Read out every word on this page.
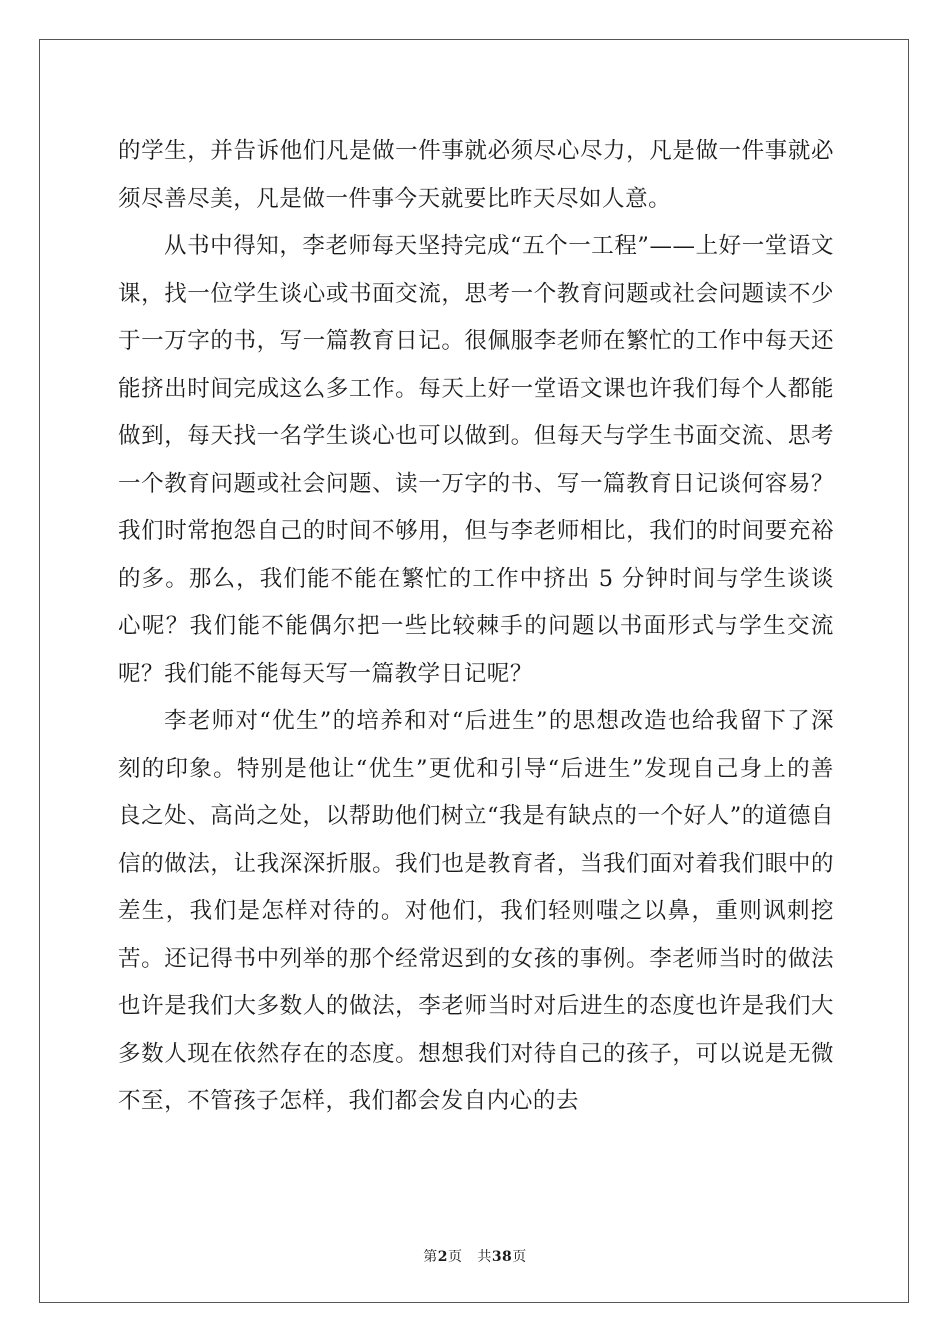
的学生，并告诉他们凡是做一件事就必须尽心尽力，凡是做一件事就必须尽善尽美，凡是做一件事今天就要比昨天尽如人意。

从书中得知，李老师每天坚持完成“五个一工程”——上好一堂语文课，找一位学生谈心或书面交流，思考一个教育问题或社会问题读不少于一万字的书，写一篇教育日记。很佩服李老师在繁忙的工作中每天还能挤出时间完成这么多工作。每天上好一堂语文课也许我们每个人都能做到，每天找一名学生谈心也可以做到。但每天与学生书面交流、思考一个教育问题或社会问题、读一万字的书、写一篇教育日记谈何容易？我们时常抱怨自己的时间不够用，但与李老师相比，我们的时间要充裕的多。那么，我们能不能在繁忙的工作中挤出 5 分钟时间与学生谈谈心呢？我们能不能偶尔把一些比较棘手的问题以书面形式与学生交流呢？我们能不能每天写一篇教学日记呢？

李老师对“优生”的培养和对“后进生”的思想改造也给我留下了深刻的印象。特别是他让“优生”更优和引导“后进生”发现自己身上的善良之处、高尚之处，以帮助他们树立“我是有缺点的一个好人”的道德自信的做法，让我深深折服。我们也是教育者，当我们面对着我们眼中的差生，我们是怎样对待的。对他们，我们轻则嗤之以鼻，重则讽刺挖苦。还记得书中列举的那个经常迟到的女孩的事例。李老师当时的做法也许是我们大多数人的做法，李老师当时对后进生的态度也许是我们大多数人现在依然存在的态度。想想我们对待自己的孩子，可以说是无微不至，不管孩子怎样，我们都会发自内心的去

第2页 共38页
